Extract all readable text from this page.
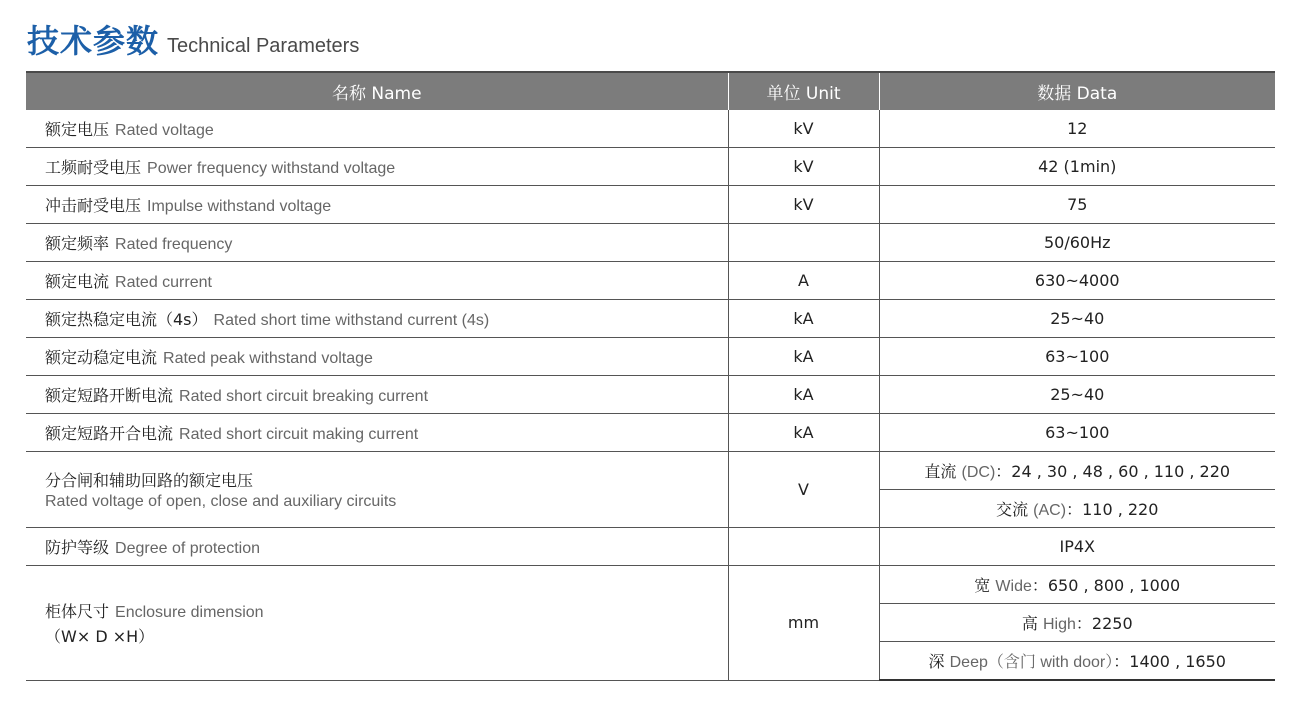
技术参数 Technical Parameters
名称 Name	单位 Unit	数据 Data
额定电压 Rated voltage	kV	12
工频耐受电压 Power frequency withstand voltage	kV	42 (1min)
冲击耐受电压 Impulse withstand voltage	kV	75
额定频率 Rated frequency		50/60Hz
额定电流 Rated current	A	630~4000
额定热稳定电流（4s） Rated short time withstand current (4s)	kA	25~40
额定动稳定电流 Rated peak withstand voltage	kA	63~100
额定短路开断电流 Rated short circuit breaking current	kA	25~40
额定短路开合电流 Rated short circuit making current	kA	63~100
分合闸和辅助回路的额定电压
Rated voltage of open, close and auxiliary circuits	V	直流 (DC)：24 , 30 , 48 , 60 , 110 , 220
		交流 (AC)：110 , 220
防护等级 Degree of protection		IP4X
柜体尺寸 Enclosure dimension
（W× D ×H）	mm	宽 Wide：650 , 800 , 1000
		高 High：2250
		深 Deep（含门 with door）：1400 , 1650
